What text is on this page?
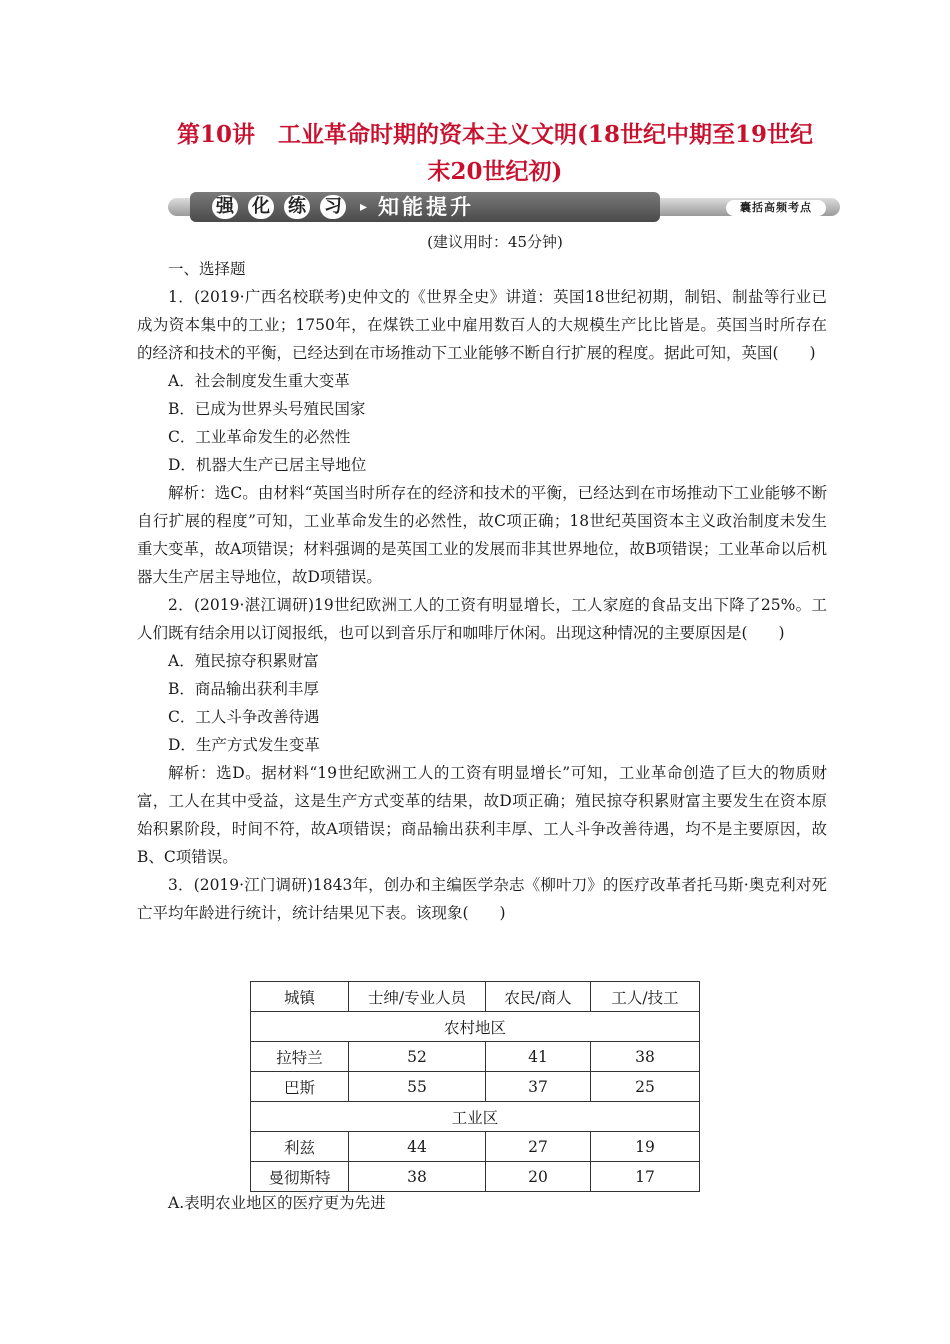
第10讲　工业革命时期的资本主义文明(18世纪中期至19世纪
末20世纪初)
强 化 练 习 ▸ 知能提升	囊括高频考点
(建议用时：45分钟)

一、选择题

1．(2019·广西名校联考)史仲文的《世界全史》讲道：英国18世纪初期，制铝、制盐等行业已成为资本集中的工业；1750年，在煤铁工业中雇用数百人的大规模生产比比皆是。英国当时所存在的经济和技术的平衡，已经达到在市场推动下工业能够不断自行扩展的程度。据此可知，英国(　　)

A．社会制度发生重大变革

B．已成为世界头号殖民国家

C．工业革命发生的必然性

D．机器大生产已居主导地位

解析：选C。由材料“英国当时所存在的经济和技术的平衡，已经达到在市场推动下工业能够不断自行扩展的程度”可知，工业革命发生的必然性，故C项正确；18世纪英国资本主义政治制度未发生重大变革，故A项错误；材料强调的是英国工业的发展而非其世界地位，故B项错误；工业革命以后机器大生产居主导地位，故D项错误。

2．(2019·湛江调研)19世纪欧洲工人的工资有明显增长，工人家庭的食品支出下降了25%。工人们既有结余用以订阅报纸，也可以到音乐厅和咖啡厅休闲。出现这种情况的主要原因是(　　)

A．殖民掠夺积累财富

B．商品输出获利丰厚

C．工人斗争改善待遇

D．生产方式发生变革

解析：选D。据材料“19世纪欧洲工人的工资有明显增长”可知，工业革命创造了巨大的物质财富，工人在其中受益，这是生产方式变革的结果，故D项正确；殖民掠夺积累财富主要发生在资本原始积累阶段，时间不符，故A项错误；商品输出获利丰厚、工人斗争改善待遇，均不是主要原因，故B、C项错误。

3．(2019·江门调研)1843年，创办和主编医学杂志《柳叶刀》的医疗改革者托马斯·奥克利对死亡平均年龄进行统计，统计结果见下表。该现象(　　)

城镇	士绅/专业人员	农民/商人	工人/技工
农村地区			
拉特兰	52	41	38
巴斯	55	37	25
工业区			
利兹	44	27	19
曼彻斯特	38	20	17
A.表明农业地区的医疗更为先进
